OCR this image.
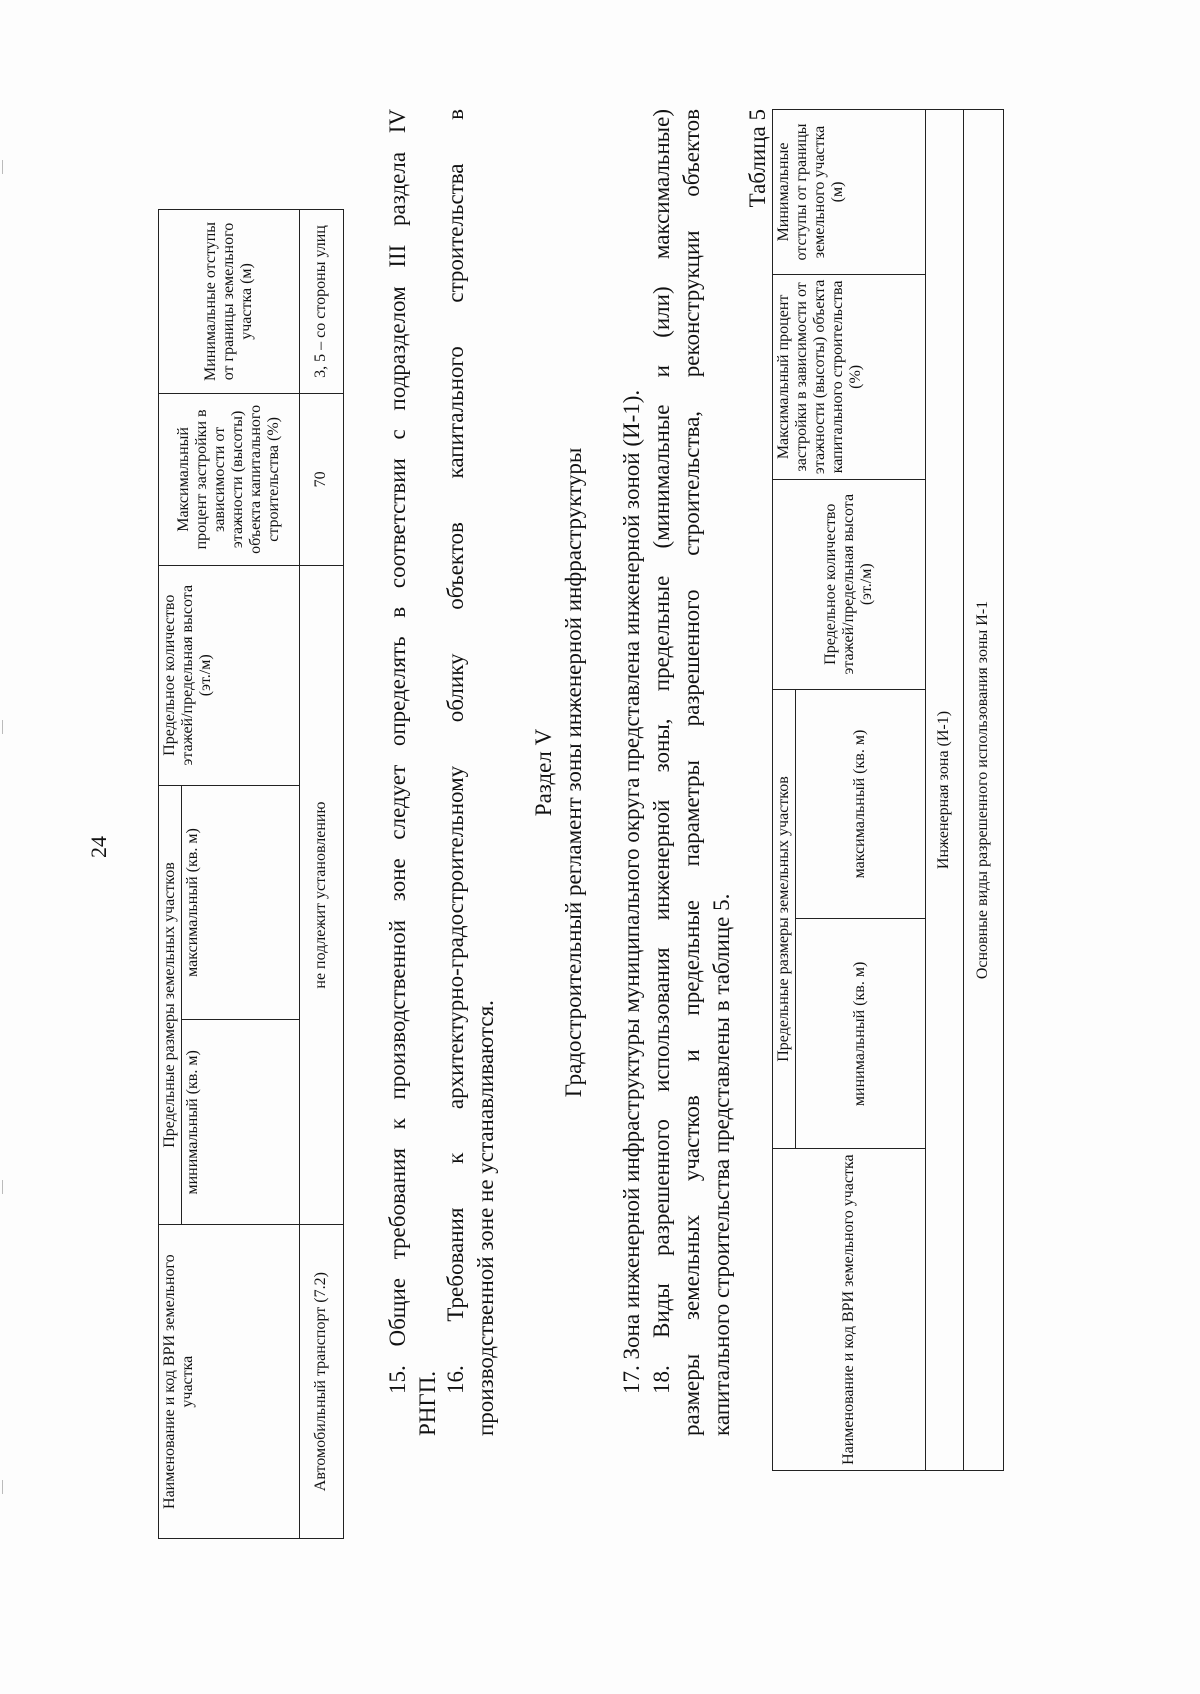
24
Наименование и код ВРИ земельного участка	Предельные размеры земельных участков		Предельное количество этажей/предельная высота (эт./м)	Максимальный процент застройки в зависимости от этажности (высоты) объекта капитального строительства (%)	Минимальные отступы от границы земельного участка (м)
	минимальный (кв. м)	максимальный (кв. м)			
Автомобильный транспорт (7.2)	не подлежит установлению			70	3, 5 – со стороны улиц 15. Общие требования к производственной зоне следует определять в соответствии с подразделом III раздела IV
РНГП.
16. Требования к архитектурно-градостроительному облику объектов капитального строительства в производственной зоне не устанавливаются.
Раздел V Градостроительный регламент зоны инженерной инфраструктуры 17. Зона инженерной инфраструктуры муниципального округа представлена инженерной зоной (И-1). 18. Виды разрешенного использования инженерной зоны, предельные (минимальные и (или) максимальные) размеры земельных участков и предельные параметры разрешенного строительства, реконструкции объектов капитального строительства представлены в таблице 5.
Таблица 5
Наименование и код ВРИ земельного участка	Предельные размеры земельных участков		Предельное количество этажей/предельная высота (эт./м)	Максимальный процент застройки в зависимости от этажности (высоты) объекта капитального строительства (%)	Минимальные отступы от границы земельного участка (м)
	минимальный (кв. м)	максимальный (кв. м)			
Инженерная зона (И-1)					
Основные виды разрешенного использования зоны И-1					
